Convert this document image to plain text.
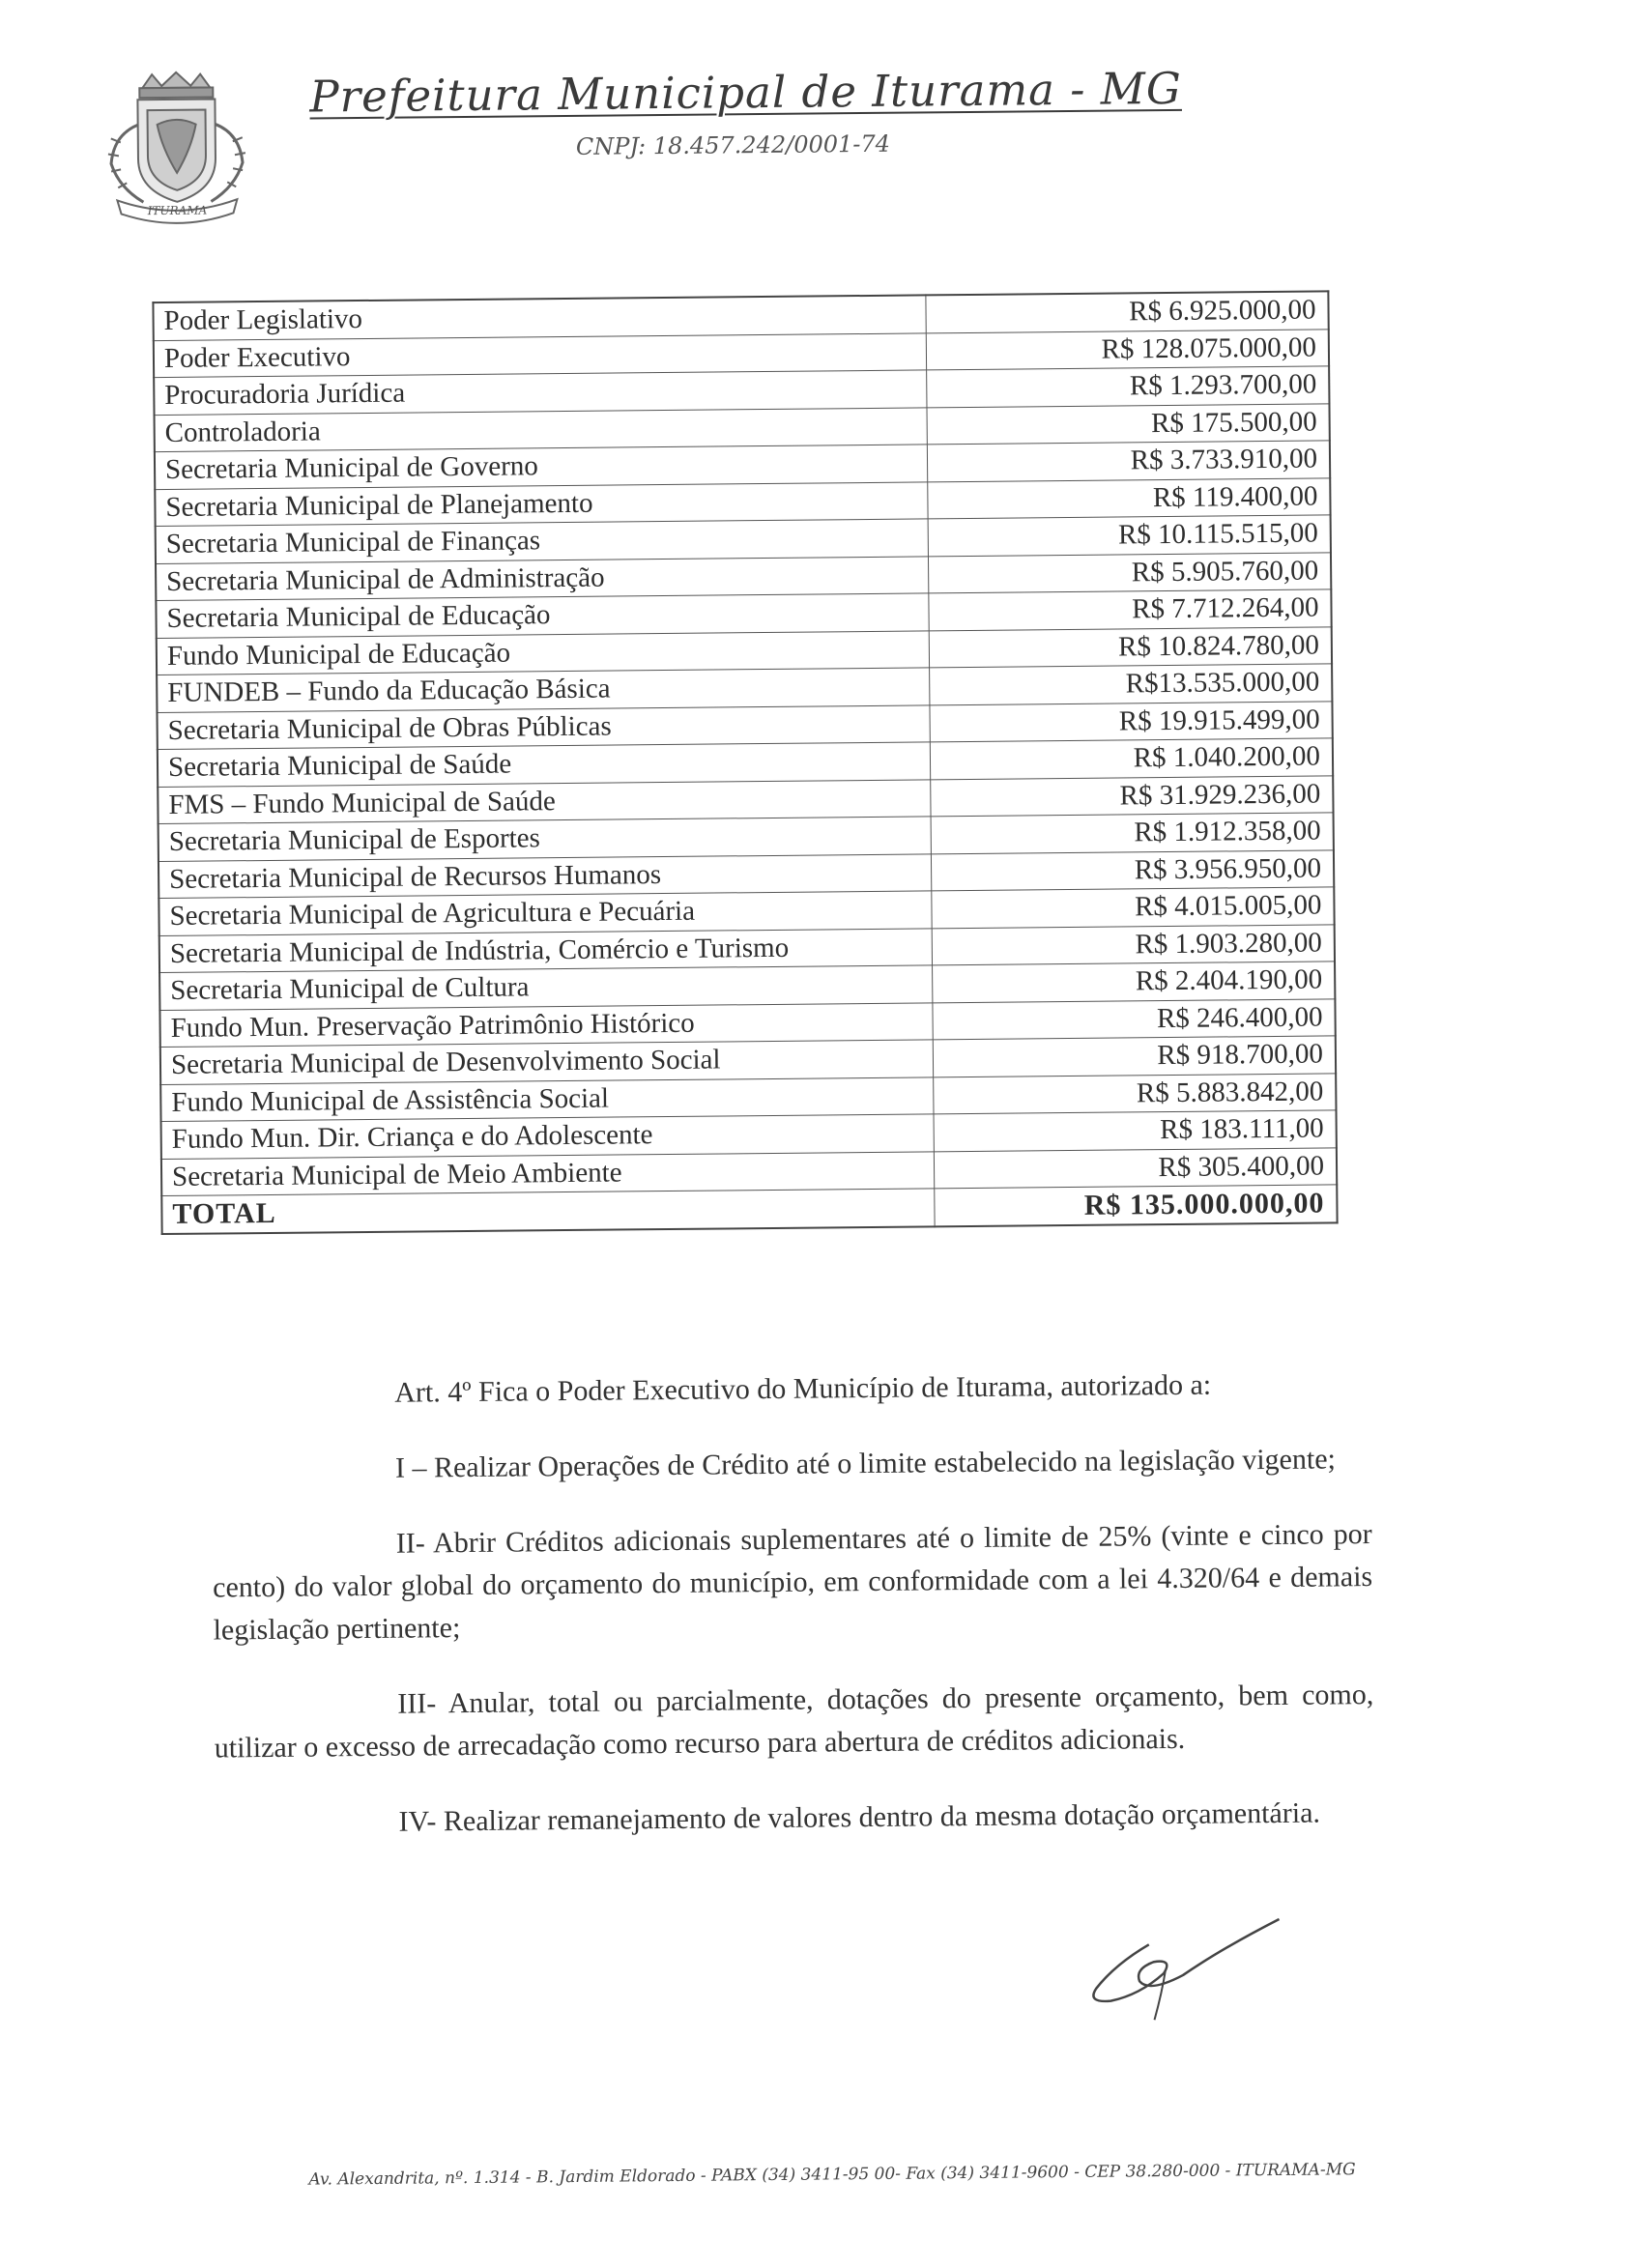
ITURAMA
Prefeitura Municipal de Iturama - MG
CNPJ: 18.457.242/0001-74
Poder Legislativo	R$ 6.925.000,00
Poder Executivo	R$ 128.075.000,00
Procuradoria Jurídica	R$ 1.293.700,00
Controladoria	R$ 175.500,00
Secretaria Municipal de Governo	R$ 3.733.910,00
Secretaria Municipal de Planejamento	R$ 119.400,00
Secretaria Municipal de Finanças	R$ 10.115.515,00
Secretaria Municipal de Administração	R$ 5.905.760,00
Secretaria Municipal de Educação	R$ 7.712.264,00
Fundo Municipal de Educação	R$ 10.824.780,00
FUNDEB – Fundo da Educação Básica	R$13.535.000,00
Secretaria Municipal de Obras Públicas	R$ 19.915.499,00
Secretaria Municipal de Saúde	R$ 1.040.200,00
FMS – Fundo Municipal de Saúde	R$ 31.929.236,00
Secretaria Municipal de Esportes	R$ 1.912.358,00
Secretaria Municipal de Recursos Humanos	R$ 3.956.950,00
Secretaria Municipal de Agricultura e Pecuária	R$ 4.015.005,00
Secretaria Municipal de Indústria, Comércio e Turismo	R$ 1.903.280,00
Secretaria Municipal de Cultura	R$ 2.404.190,00
Fundo Mun. Preservação Patrimônio Histórico	R$ 246.400,00
Secretaria Municipal de Desenvolvimento Social	R$ 918.700,00
Fundo Municipal de Assistência Social	R$ 5.883.842,00
Fundo Mun. Dir. Criança e do Adolescente	R$ 183.111,00
Secretaria Municipal de Meio Ambiente	R$ 305.400,00
TOTAL	R$ 135.000.000,00

Art. 4º Fica o Poder Executivo do Município de Iturama, autorizado a:

I – Realizar Operações de Crédito até o limite estabelecido na legislação vigente;

II- Abrir Créditos adicionais suplementares até o limite de 25% (vinte e cinco por cento) do valor global do orçamento do município, em conformidade com a lei 4.320/64 e demais legislação pertinente;

III- Anular, total ou parcialmente, dotações do presente orçamento, bem como, utilizar o excesso de arrecadação como recurso para abertura de créditos adicionais.

IV- Realizar remanejamento de valores dentro da mesma dotação orçamentária.

Av. Alexandrita, nº. 1.314 - B. Jardim Eldorado - PABX (34) 3411-95 00- Fax (34) 3411-9600 - CEP 38.280-000 - ITURAMA-MG
